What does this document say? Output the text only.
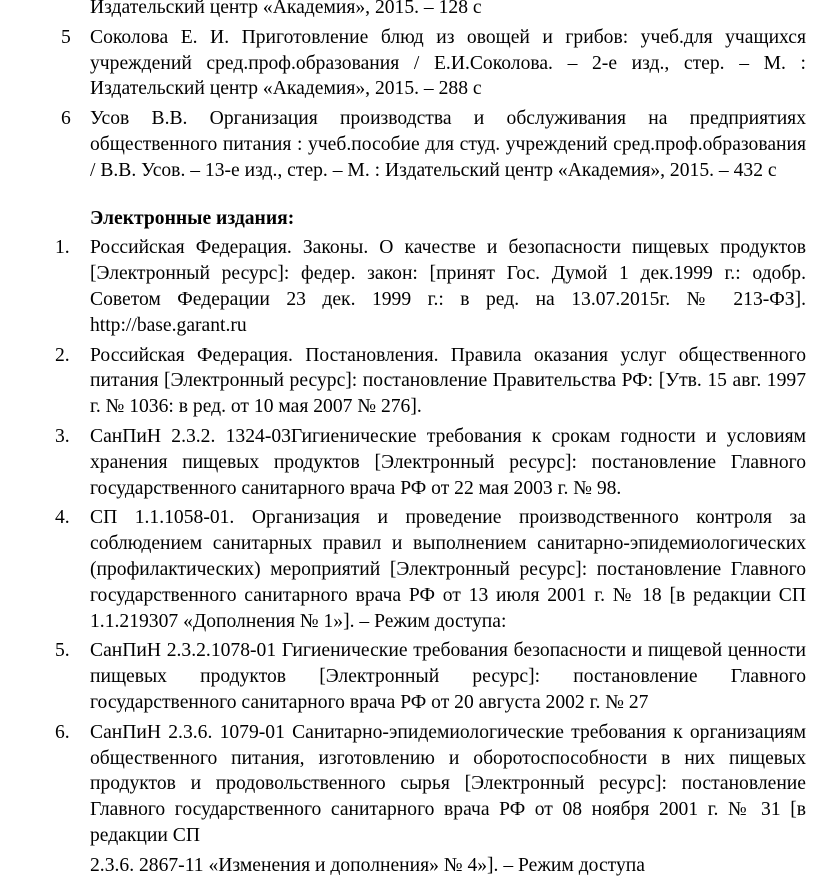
Издательский центр «Академия», 2015. – 128 с
5 Соколова Е. И. Приготовление блюд из овощей и грибов: учеб.для учащихся учреждений сред.проф.образования / Е.И.Соколова. – 2-е изд., стер. – М. : Издательский центр «Академия», 2015. – 288 с
6 Усов В.В. Организация производства и обслуживания на предприятиях общественного питания : учеб.пособие для студ. учреждений сред.проф.образования / В.В. Усов. – 13-е изд., стер. – М. : Издательский центр «Академия», 2015. – 432 с
Электронные издания:
1. Российская Федерация. Законы. О качестве и безопасности пищевых продуктов [Электронный ресурс]: федер. закон: [принят Гос. Думой 1 дек.1999 г.: одобр. Советом Федерации 23 дек. 1999 г.: в ред. на 13.07.2015г. № 213-ФЗ]. http://base.garant.ru
2. Российская Федерация. Постановления. Правила оказания услуг общественного питания [Электронный ресурс]: постановление Правительства РФ: [Утв. 15 авг. 1997 г. № 1036: в ред. от 10 мая 2007 № 276].
3. СанПиН 2.3.2. 1324-03Гигиенические требования к срокам годности и условиям хранения пищевых продуктов [Электронный ресурс]: постановление Главного государственного санитарного врача РФ от 22 мая 2003 г. № 98.
4. СП 1.1.1058-01. Организация и проведение производственного контроля за соблюдением санитарных правил и выполнением санитарно-эпидемиологических (профилактических) мероприятий [Электронный ресурс]: постановление Главного государственного санитарного врача РФ от 13 июля 2001 г. № 18 [в редакции СП 1.1.219307 «Дополнения № 1»]. – Режим доступа:
5. СанПиН 2.3.2.1078-01 Гигиенические требования безопасности и пищевой ценности пищевых продуктов [Электронный ресурс]: постановление Главного государственного санитарного врача РФ от 20 августа 2002 г. № 27
6. СанПиН 2.3.6. 1079-01 Санитарно-эпидемиологические требования к организациям общественного питания, изготовлению и оборотоспособности в них пищевых продуктов и продовольственного сырья [Электронный ресурс]: постановление Главного государственного санитарного врача РФ от 08 ноября 2001 г. № 31 [в редакции СП
2.3.6. 2867-11 «Изменения и дополнения» № 4»]. – Режим доступа
